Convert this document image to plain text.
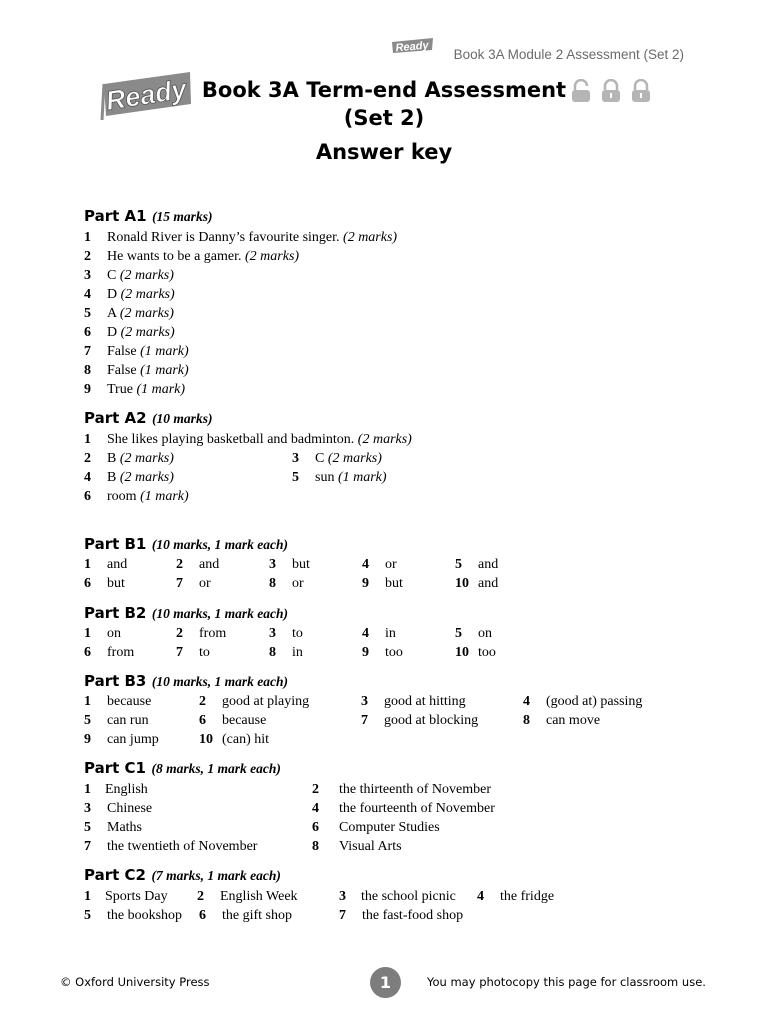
Ready
Book 3A Module 2 Assessment (Set 2)
Ready Book 3A Term-end Assessment
(Set 2)
Answer key
Part A1 (15 marks)
1 Ronald River is Danny’s favourite singer. (2 marks)
2 He wants to be a gamer. (2 marks)
3 C (2 marks)
4 D (2 marks)
5 A (2 marks)
6 D (2 marks)
7 False (1 mark)
8 False (1 mark)
9 True (1 mark)
Part A2 (10 marks)
1 She likes playing basketball and badminton. (2 marks)
2 B (2 marks)	3 C (2 marks)
4 B (2 marks)	5 sun (1 mark)
6 room (1 mark)
Part B1 (10 marks, 1 mark each)
1 and	2 and	3 but	4 or	5 and
6 but	7 or	8 or	9 but	10 and
Part B2 (10 marks, 1 mark each)
1 on	2 from	3 to	4 in	5 on
6 from	7 to	8 in	9 too	10 too
Part B3 (10 marks, 1 mark each)
1 because	2 good at playing	3 good at hitting	4 (good at) passing
5 can run	6 because	7 good at blocking	8 can move
9 can jump	10 (can) hit
Part C1 (8 marks, 1 mark each)
1 English	2 the thirteenth of November
3 Chinese	4 the fourteenth of November
5 Maths	6 Computer Studies
7 the twentieth of November	8 Visual Arts
Part C2 (7 marks, 1 mark each)
1 Sports Day 2 English Week	3 the school picnic 4 the fridge
5 the bookshop 6 the gift shop	7 the fast-food shop
© Oxford University Press	1	You may photocopy this page for classroom use.
